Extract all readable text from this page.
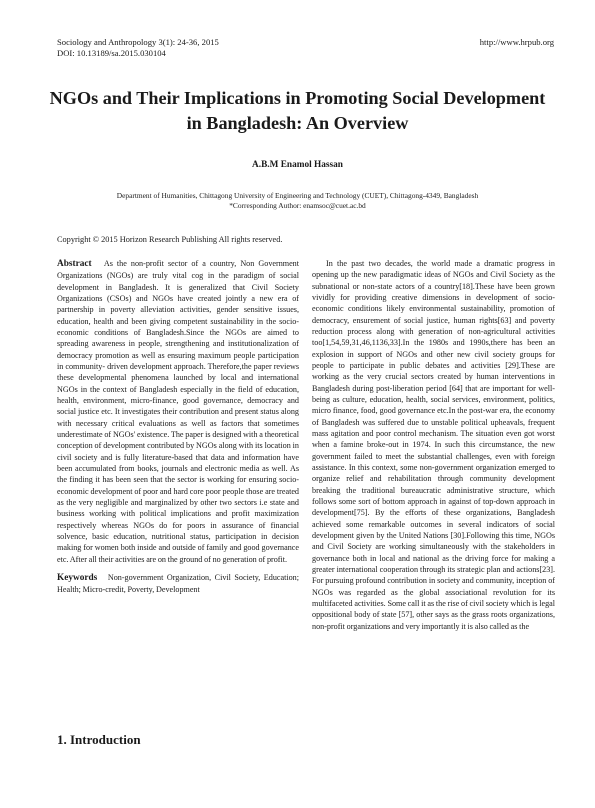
Sociology and Anthropology 3(1): 24-36, 2015
DOI: 10.13189/sa.2015.030104
http://www.hrpub.org
NGOs and Their Implications in Promoting Social Development in Bangladesh: An Overview
A.B.M Enamol Hassan
Department of Humanities, Chittagong University of Engineering and Technology (CUET), Chittagong-4349, Bangladesh
*Corresponding Author: enamsoc@cuet.ac.bd
Copyright © 2015 Horizon Research Publishing All rights reserved.

Abstract As the non-profit sector of a country, Non Government Organizations (NGOs) are truly vital cog in the paradigm of social development in Bangladesh. It is generalized that Civil Society Organizations (CSOs) and NGOs have created jointly a new era of partnership in poverty alleviation activities, gender sensitive issues, education, health and been giving competent sustainability in the socio-economic conditions of Bangladesh.Since the NGOs are aimed to spreading awareness in people, strengthening and institutionalization of democracy promotion as well as ensuring maximum people participation in community- driven development approach. Therefore,the paper reviews these developmental phenomena launched by local and international NGOs in the context of Bangladesh especially in the field of education, health, environment, micro-finance, good governance, democracy and social justice etc. It investigates their contribution and present status along with necessary critical evaluations as well as factors that sometimes underestimate of NGOs' existence. The paper is designed with a theoretical conception of development contributed by NGOs along with its location in civil society and is fully literature-based that data and information have been accumulated from books, journals and electronic media as well. As the finding it has been seen that the sector is working for ensuring socio-economic development of poor and hard core poor people those are treated as the very negligible and marginalized by other two sectors i.e state and business working with political implications and profit maximization respectively whereas NGOs do for poors in assurance of financial solvence, basic education, nutritional status, participation in decision making for women both inside and outside of family and good governance etc. After all their activities are on the ground of no generation of profit.

Keywords Non-government Organization, Civil Society, Education; Health; Micro-credit, Poverty, Development

1. Introduction

In the past two decades, the world made a dramatic progress in opening up the new paradigmatic ideas of NGOs and Civil Society as the subnational or non-state actors of a country[18].These have been grown vividly for providing creative dimensions in development of socio-economic conditions likely environmental sustainability, promotion of democracy, ensurement of social justice, human rights[63] and poverty reduction process along with generation of non-agricultural activities too[1,54,59,31,46,1136,33].In the 1980s and 1990s,there has been an explosion in support of NGOs and other new civil society groups for people to participate in public debates and activities [29].These are working as the very crucial sectors created by human interventions in Bangladesh during post-liberation period [64] that are important for well-being as culture, education, health, social services, environment, politics, micro finance, food, good governance etc.In the post-war era, the economy of Bangladesh was suffered due to unstable political upheavals, frequent mass agitation and poor control mechanism. The situation even got worst when a famine broke-out in 1974. In such this circumstance, the new government failed to meet the substantial challenges, even with foreign assistance. In this context, some non-government organization emerged to organize relief and rehabilitation through community development breaking the traditional bureaucratic administrative structure, which follows some sort of bottom approach in against of top-down approach in development[75]. By the efforts of these organizations, Bangladesh achieved some remarkable outcomes in several indicators of social development given by the United Nations [30].Following this time, NGOs and Civil Society are working simultaneously with the stakeholders in governance both in local and national as the driving force for making a greater international cooperation through its strategic plan and actions[23]. For pursuing profound contribution in society and community, inception of NGOs was regarded as the global associational revolution for its multifaceted activities. Some call it as the rise of civil society which is legal oppositional body of state [57], other says as the grass roots organizations, non-profit organizations and very importantly it is also called as the
